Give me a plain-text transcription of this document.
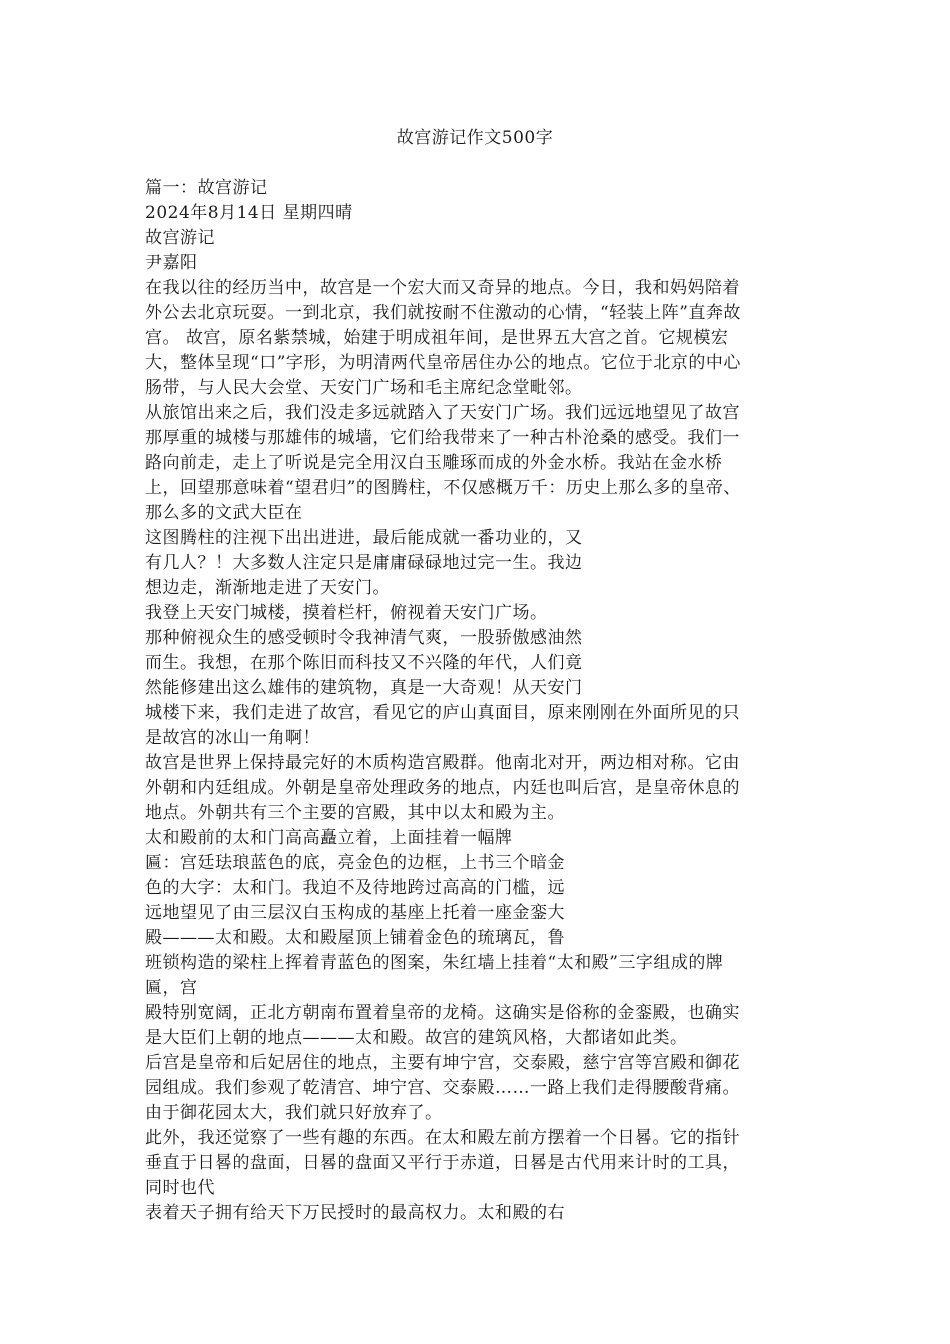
故宫游记作文500字
篇一：故宫游记
2024年8月14日 星期四晴
故宫游记
尹嘉阳
在我以往的经历当中，故宫是一个宏大而又奇异的地点。今日，我和妈妈陪着
外公去北京玩耍。一到北京，我们就按耐不住激动的心情，“轻装上阵”直奔故
宫。 故宫，原名紫禁城，始建于明成祖年间，是世界五大宫之首。它规模宏
大，整体呈现“口”字形，为明清两代皇帝居住办公的地点。它位于北京的中心
肠带，与人民大会堂、天安门广场和毛主席纪念堂毗邻。
从旅馆出来之后，我们没走多远就踏入了天安门广场。我们远远地望见了故宫
那厚重的城楼与那雄伟的城墙，它们给我带来了一种古朴沧桑的感受。我们一
路向前走，走上了听说是完全用汉白玉雕琢而成的外金水桥。我站在金水桥
上，回望那意味着“望君归”的图腾柱，不仅感概万千：历史上那么多的皇帝、
那么多的文武大臣在
这图腾柱的注视下出出进进，最后能成就一番功业的，又
有几人？！大多数人注定只是庸庸碌碌地过完一生。我边
想边走，渐渐地走进了天安门。
我登上天安门城楼，摸着栏杆，俯视着天安门广场。
那种俯视众生的感受顿时令我神清气爽，一股骄傲感油然
而生。我想，在那个陈旧而科技又不兴隆的年代，人们竟
然能修建出这么雄伟的建筑物，真是一大奇观！从天安门
城楼下来，我们走进了故宫，看见它的庐山真面目，原来刚刚在外面所见的只
是故宫的冰山一角啊！
故宫是世界上保持最完好的木质构造宫殿群。他南北对开，两边相对称。它由
外朝和内廷组成。外朝是皇帝处理政务的地点，内廷也叫后宫，是皇帝休息的
地点。外朝共有三个主要的宫殿，其中以太和殿为主。
太和殿前的太和门高高矗立着，上面挂着一幅牌
匾：宫廷珐琅蓝色的底，亮金色的边框，上书三个暗金
色的大字：太和门。我迫不及待地跨过高高的门槛，远
远地望见了由三层汉白玉构成的基座上托着一座金銮大
殿———太和殿。太和殿屋顶上铺着金色的琉璃瓦，鲁
班锁构造的梁柱上挥着青蓝色的图案，朱红墙上挂着“太和殿”三字组成的牌
匾，宫
殿特别宽阔，正北方朝南布置着皇帝的龙椅。这确实是俗称的金銮殿，也确实
是大臣们上朝的地点———太和殿。故宫的建筑风格，大都诸如此类。
后宫是皇帝和后妃居住的地点，主要有坤宁宫，交泰殿，慈宁宫等宫殿和御花
园组成。我们参观了乾清宫、坤宁宫、交泰殿……一路上我们走得腰酸背痛。
由于御花园太大，我们就只好放弃了。
此外，我还觉察了一些有趣的东西。在太和殿左前方摆着一个日晷。它的指针
垂直于日晷的盘面，日晷的盘面又平行于赤道，日晷是古代用来计时的工具，
同时也代
表着天子拥有给天下万民授时的最高权力。太和殿的右
